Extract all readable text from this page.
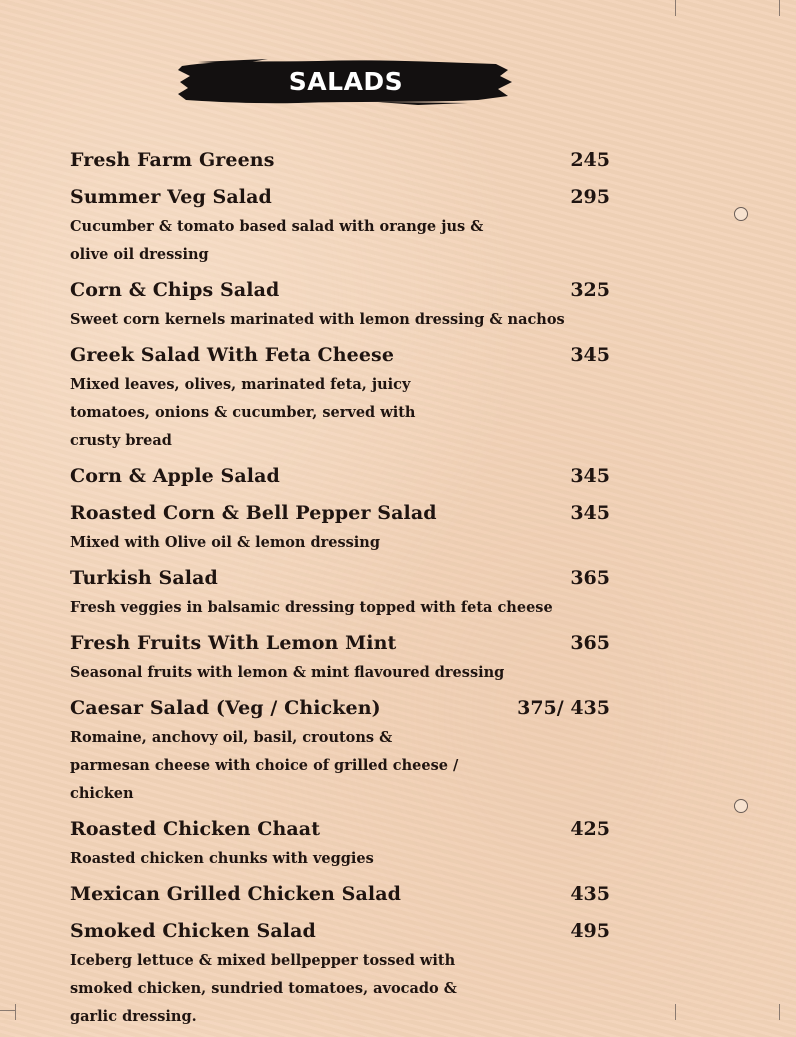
SALADS
Fresh Farm Greens	245
Summer Veg Salad	295
Cucumber & tomato based salad with orange jus & olive oil dressing
Corn & Chips Salad	325
Sweet corn kernels marinated with lemon dressing & nachos
Greek Salad With Feta Cheese	345
Mixed leaves, olives, marinated feta, juicy tomatoes, onions & cucumber, served with crusty bread
Corn & Apple Salad	345
Roasted Corn & Bell Pepper Salad	345
Mixed with Olive oil & lemon dressing
Turkish Salad	365
Fresh veggies in balsamic dressing topped with feta cheese
Fresh Fruits With Lemon Mint	365
Seasonal fruits with lemon & mint flavoured dressing
Caesar Salad (Veg / Chicken)	375/ 435
Romaine, anchovy oil, basil, croutons & parmesan cheese with choice of grilled cheese / chicken
Roasted Chicken Chaat	425
Roasted chicken chunks with veggies
Mexican Grilled Chicken Salad	435
Smoked Chicken Salad	495
Iceberg lettuce & mixed bellpepper tossed with smoked chicken, sundried tomatoes, avocado & garlic dressing.
